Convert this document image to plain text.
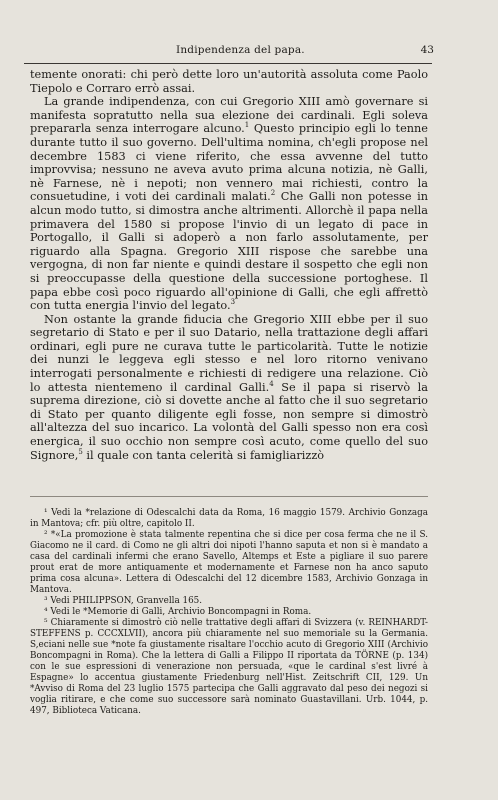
Indipendenza del papa.	43

temente onorati: chi però dette loro un'autorità assoluta come Paolo Tiepolo e Corraro errò assai.

La grande indipendenza, con cui Gregorio XIII amò governare si manifesta sopratutto nella sua elezione dei cardinali. Egli soleva prepararla senza interrogare alcuno.$^1$ Questo principio egli lo tenne durante tutto il suo governo. Dell'ultima nomina, ch'egli propose nel decembre 1583 ci viene riferito, che essa avvenne del tutto improvvisa; nessuno ne aveva avuto prima alcuna notizia, nè Galli, nè Farnese, nè i nepoti; non vennero mai richiesti, contro la consuetudine, i voti dei cardinali malati.$^2$ Che Galli non potesse in alcun modo tutto, si dimostra anche altrimenti. Allorchè il papa nella primavera del 1580 si propose l'invio di un legato di pace in Portogallo, il Galli si adoperò a non farlo assolutamente, per riguardo alla Spagna. Gregorio XIII rispose che sarebbe una vergogna, di non far niente e quindi destare il sospetto che egli non si preoccupasse della questione della successione portoghese. Il papa ebbe così poco riguardo all'opinione di Galli, che egli affrettò con tutta energia l'invio del legato.$^3$

Non ostante la grande fiducia che Gregorio XIII ebbe per il suo segretario di Stato e per il suo Datario, nella trattazione degli affari ordinari, egli pure ne curava tutte le particolarità. Tutte le notizie dei nunzi le leggeva egli stesso e nel loro ritorno venivano interrogati personalmente e richiesti di redigere una relazione. Ciò lo attesta nientemeno il cardinal Galli.$^4$ Se il papa si riservò la suprema direzione, ciò si dovette anche al fatto che il suo segretario di Stato per quanto diligente egli fosse, non sempre si dimostrò all'altezza del suo incarico. La volontà del Galli spesso non era così energica, il suo occhio non sempre così acuto, come quello del suo Signore,$^5$ il quale con tanta celerità si famigliarizzò

¹ Vedi la *relazione di Odescalchi data da Roma, 16 maggio 1579. Archivio Gonzaga in Mantova; cfr. più oltre, capitolo II.

² *«La promozione è stata talmente repentina che si dice per cosa ferma che ne il S. Giacomo ne il card. di Como ne gli altri doi nipoti l'hanno saputa et non si è mandato a casa del cardinali infermi che erano Savello, Altemps et Este a pigliare il suo parere prout erat de more antiquamente et modernamente et Farnese non ha anco saputo prima cosa alcuna». Lettera di Odescalchi del 12 dicembre 1583, Archivio Gonzaga in Mantova.

³ Vedi PHILIPPSON, Granvella 165.

⁴ Vedi le *Memorie di Galli, Archivio Boncompagni in Roma.

⁵ Chiaramente si dimostrò ciò nelle trattative degli affari di Svizzera (v. REINHARDT-STEFFENS p. CCCXLVII), ancora più chiaramente nel suo memoriale su la Germania. S,eciani nelle sue *note fa giustamente risaltare l'occhio acuto di Gregorio XIII (Archivio Boncompagni in Roma). Che la lettera di Galli a Filippo II riportata da TÖRNE (p. 134) con le sue espressioni di venerazione non persuada, «que le cardinal s'est livré à Espagne» lo accentua giustamente Friedenburg nell'Hist. Zeitschrift CII, 129. Un *Avviso di Roma del 23 luglio 1575 partecipa che Galli aggravato dal peso dei negozi si voglia ritirare, e che come suo successore sarà nominato Guastavillani. Urb. 1044, p. 497, Biblioteca Vaticana.
